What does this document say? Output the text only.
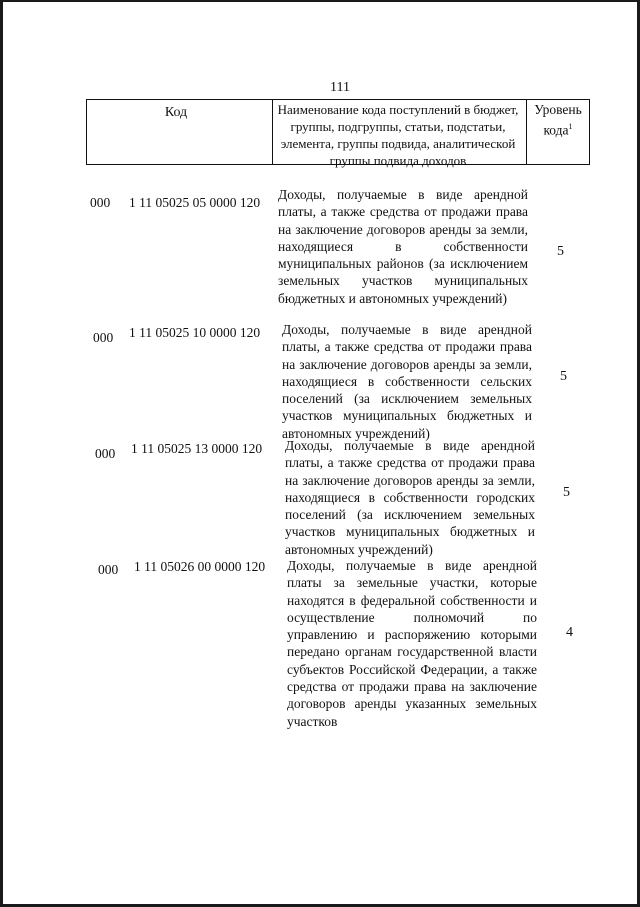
111
Код	Наименование кода поступлений в бюджет, группы, подгруппы, статьи, подстатьи, элемента, группы подвида, аналитической группы подвида доходов
Уровень кода$^1$
000 1 11 05025 05 0000 120
Доходы, получаемые в виде арендной платы, а также средства от продажи права на заключение договоров аренды за земли, находящиеся в собственности муниципальных районов (за исключением земельных участков муниципальных бюджетных и автономных учреждений)
5
000 1 11 05025 10 0000 120 Доходы, получаемые в виде арендной платы, а также средства от продажи права на заключение договоров аренды за земли, находящиеся в собственности сельских поселений (за исключением земельных участков муниципальных бюджетных и автономных учреждений)
5
000 1 11 05025 13 0000 120 Доходы, получаемые в виде арендной платы, а также средства от продажи права на заключение договоров аренды за земли, находящиеся в собственности городских поселений (за исключением земельных участков муниципальных бюджетных и автономных учреждений)
5
000 1 11 05026 00 0000 120 Доходы, получаемые в виде арендной платы за земельные участки, которые находятся в федеральной собственности и осуществление полномочий по управлению и распоряжению которыми передано органам государственной власти субъектов Российской Федерации, а также средства от продажи права на заключение договоров аренды указанных земельных участков
4
